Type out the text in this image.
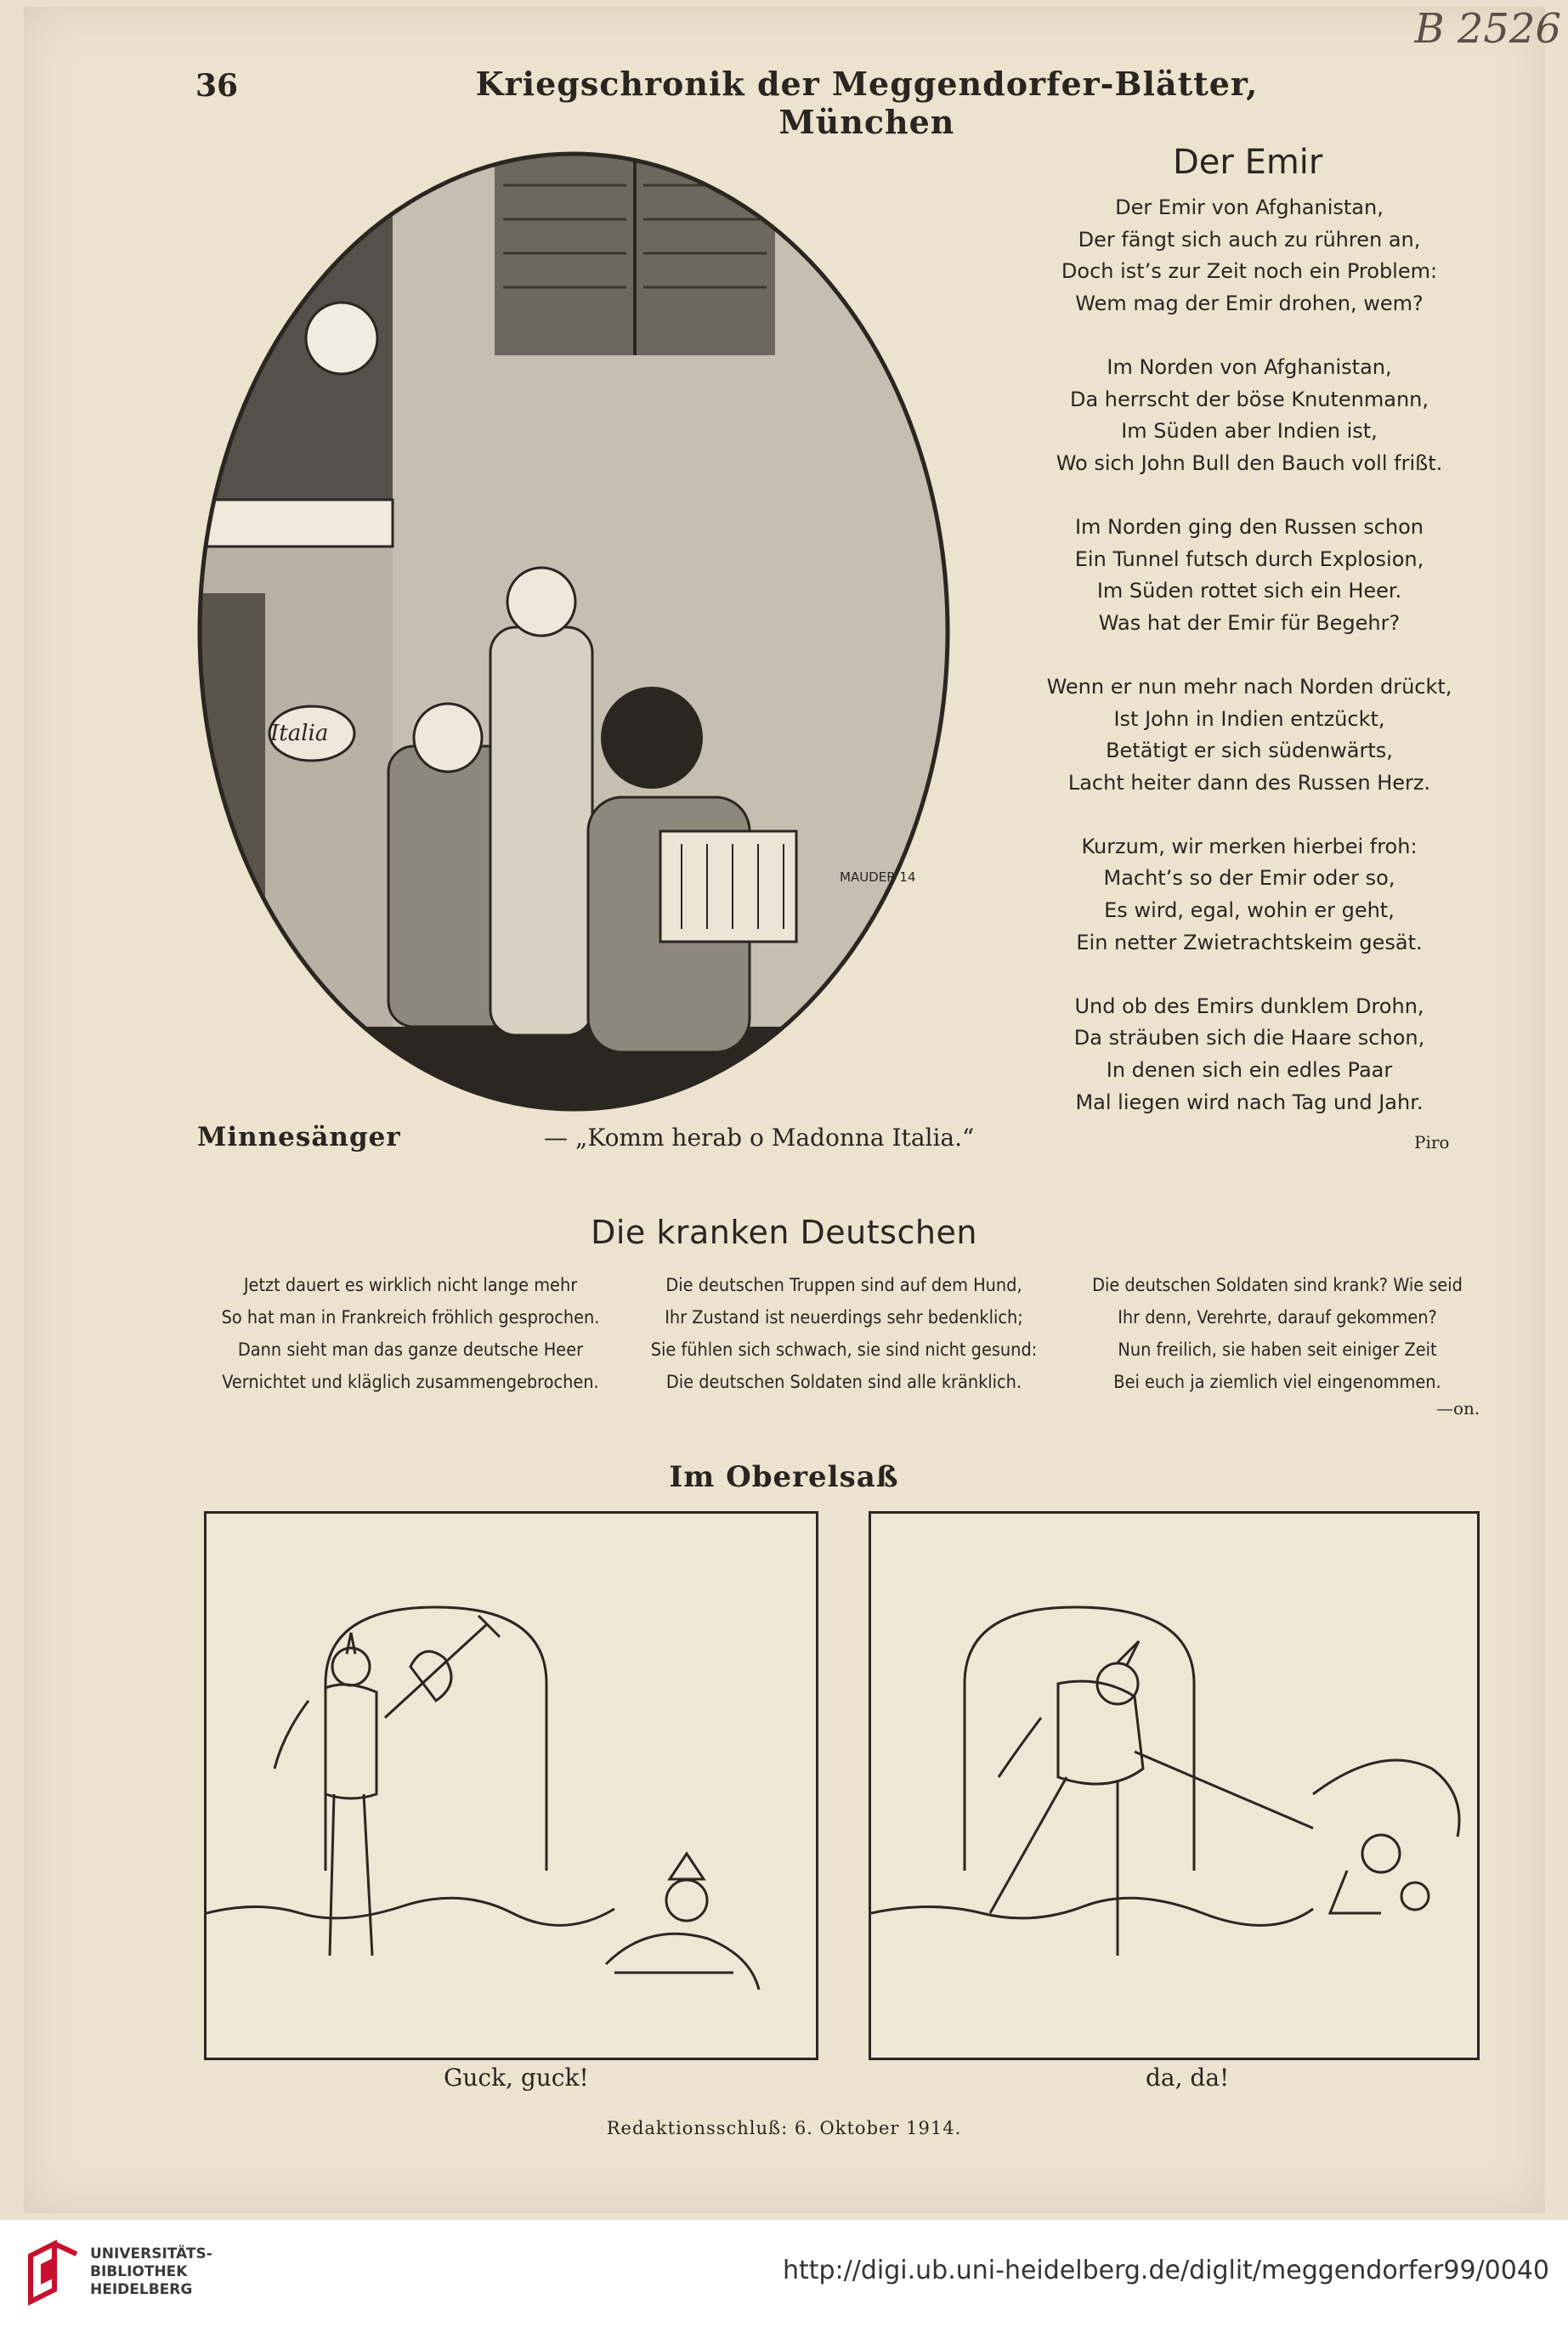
B 2526
36	Kriegschronik der Meggendorfer-Blätter, München
Italia
MAUDER 14
Minnesänger	— „Komm herab o Madonna Italia.“
Der Emir
Der Emir von Afghanistan,
Der fängt sich auch zu rühren an,
Doch ist’s zur Zeit noch ein Problem:
Wem mag der Emir drohen, wem?
Im Norden von Afghanistan,
Da herrscht der böse Knutenmann,
Im Süden aber Indien ist,
Wo sich John Bull den Bauch voll frißt.
Im Norden ging den Russen schon
Ein Tunnel futsch durch Explosion,
Im Süden rottet sich ein Heer.
Was hat der Emir für Begehr?
Wenn er nun mehr nach Norden drückt,
Ist John in Indien entzückt,
Betätigt er sich südenwärts,
Lacht heiter dann des Russen Herz.
Kurzum, wir merken hierbei froh:
Macht’s so der Emir oder so,
Es wird, egal, wohin er geht,
Ein netter Zwietrachtskeim gesät.
Und ob des Emirs dunklem Drohn,
Da sträuben sich die Haare schon,
In denen sich ein edles Paar
Mal liegen wird nach Tag und Jahr.
Piro
Die kranken Deutschen
Jetzt dauert es wirklich nicht lange mehr
So hat man in Frankreich fröhlich gesprochen.
Dann sieht man das ganze deutsche Heer
Vernichtet und kläglich zusammengebrochen.
Die deutschen Truppen sind auf dem Hund,
Ihr Zustand ist neuerdings sehr bedenklich;
Sie fühlen sich schwach, sie sind nicht gesund:
Die deutschen Soldaten sind alle kränklich.
Die deutschen Soldaten sind krank? Wie seid
Ihr denn, Verehrte, darauf gekommen?
Nun freilich, sie haben seit einiger Zeit
Bei euch ja ziemlich viel eingenommen.
—on.
Im Oberelsaß
Guck, guck!	da, da!
Redaktionsschluß: 6. Oktober 1914.
UNIVERSITÄTS-
BIBLIOTHEK
HEIDELBERG
http://digi.ub.uni-heidelberg.de/diglit/meggendorfer99/0040
